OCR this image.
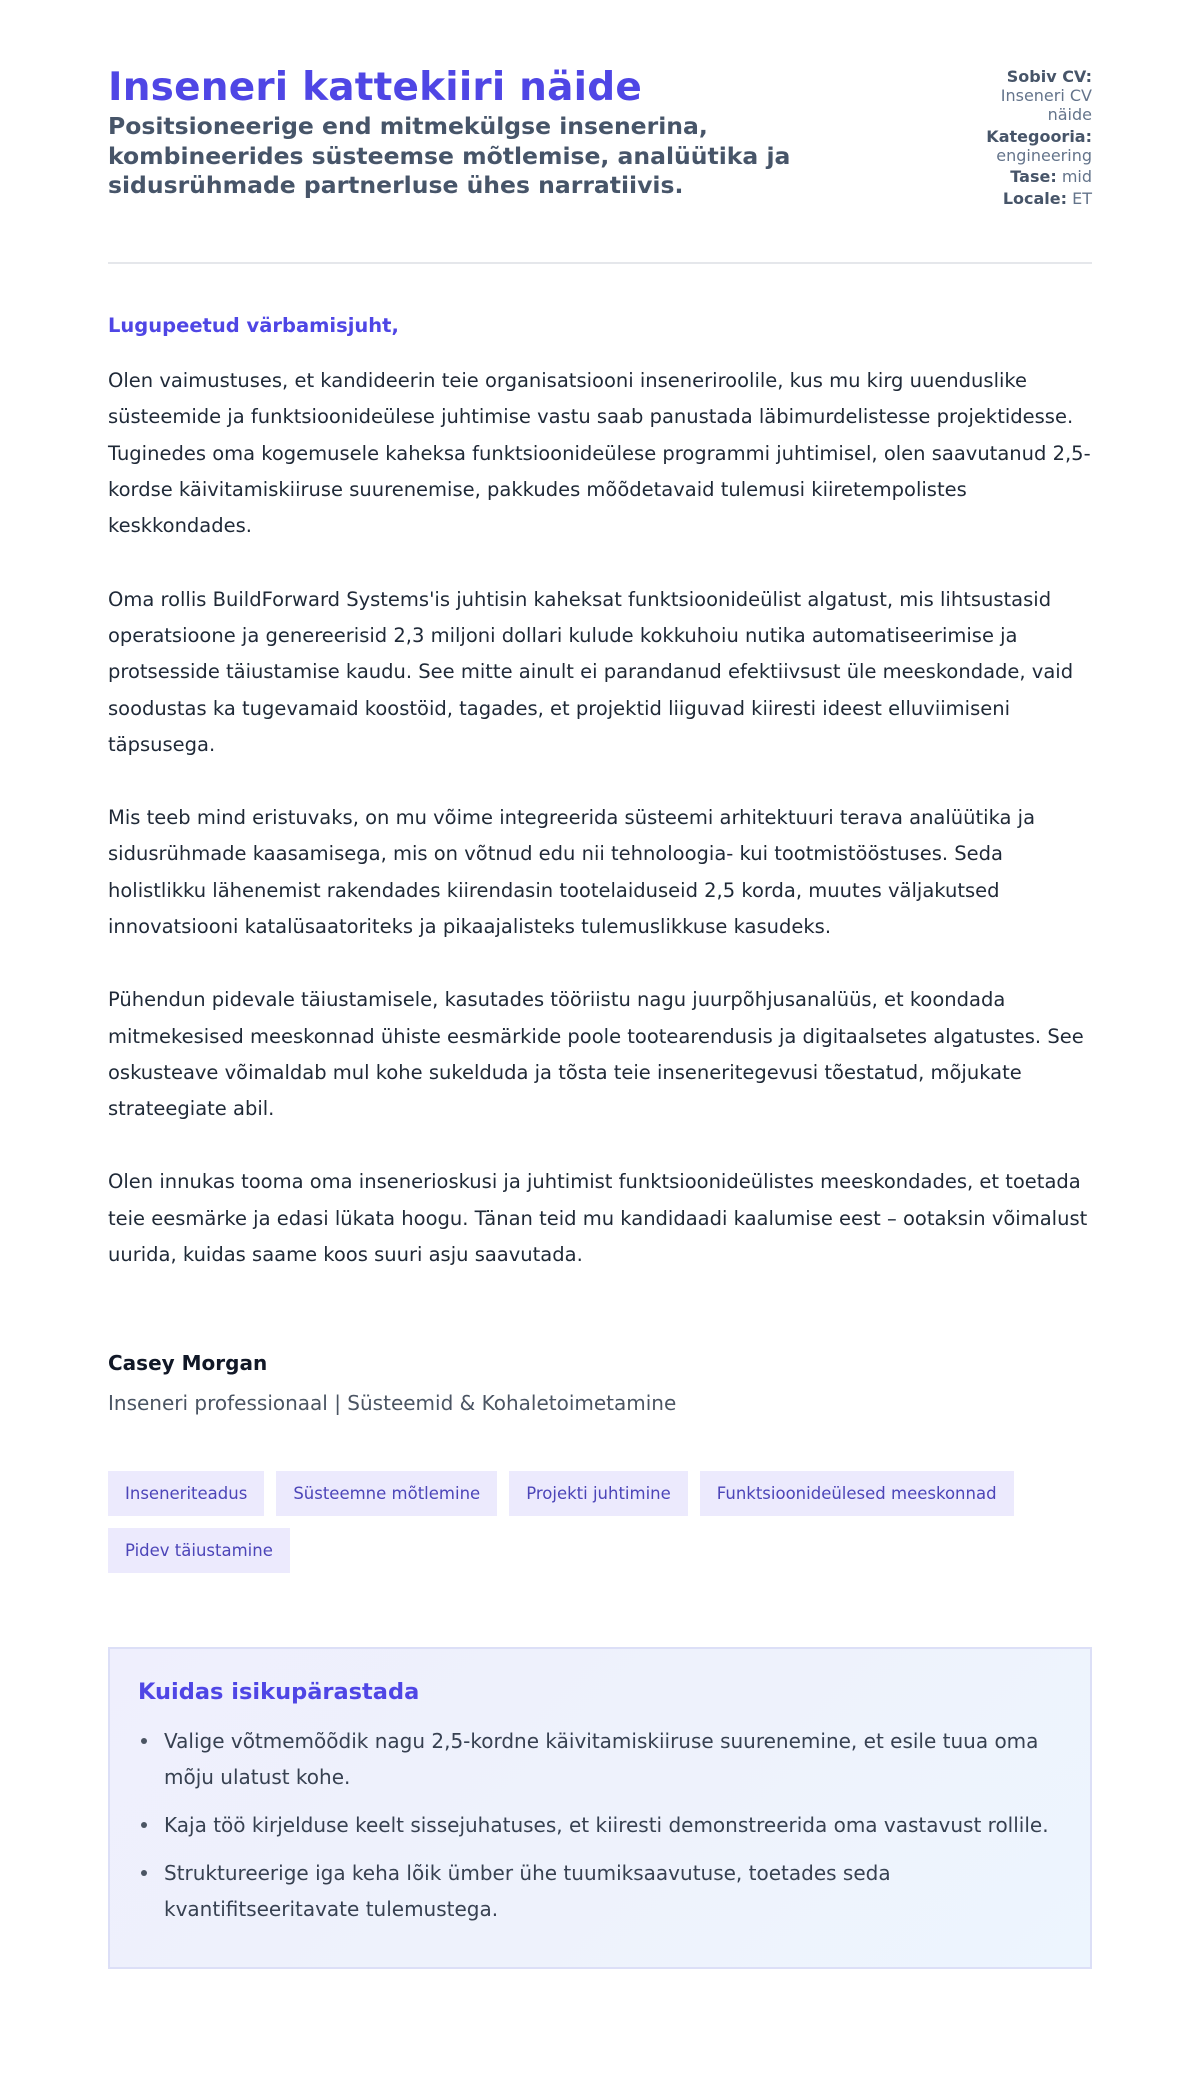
Inseneri kattekiiri näide
Positsioneerige end mitmekülgse insenerina, kombineerides süsteemse mõtlemise, analüütika ja sidusrühmade partnerluse ühes narratiivis.
Sobiv CV: Inseneri CV näide
Kategooria: engineering
Tase: mid
Locale: ET
Lugupeetud värbamisjuht,

Olen vaimustuses, et kandideerin teie organisatsiooni inseneriroolile, kus mu kirg uuenduslike süsteemide ja funktsioonideülese juhtimise vastu saab panustada läbimurdelistesse projektidesse. Tuginedes oma kogemusele kaheksa funktsioonideülese programmi juhtimisel, olen saavutanud 2,5-kordse käivitamiskiiruse suurenemise, pakkudes mõõdetavaid tulemusi kiiretempolistes keskkondades.

Oma rollis BuildForward Systems'is juhtisin kaheksat funktsioonideülist algatust, mis lihtsustasid operatsioone ja genereerisid 2,3 miljoni dollari kulude kokkuhoiu nutika automatiseerimise ja protsesside täiustamise kaudu. See mitte ainult ei parandanud efektiivsust üle meeskondade, vaid soodustas ka tugevamaid koostöid, tagades, et projektid liiguvad kiiresti ideest elluviimiseni täpsusega.

Mis teeb mind eristuvaks, on mu võime integreerida süsteemi arhitektuuri terava analüütika ja sidusrühmade kaasamisega, mis on võtnud edu nii tehnoloogia- kui tootmistööstuses. Seda holistlikku lähenemist rakendades kiirendasin tootelaiduseid 2,5 korda, muutes väljakutsed innovatsiooni katalüsaatoriteks ja pikaajalisteks tulemuslikkuse kasudeks.

Pühendun pidevale täiustamisele, kasutades tööriistu nagu juurpõhjusanalüüs, et koondada mitmekesised meeskonnad ühiste eesmärkide poole tootearendusis ja digitaalsetes algatustes. See oskusteave võimaldab mul kohe sukelduda ja tõsta teie inseneritegevusi tõestatud, mõjukate strateegiate abil.

Olen innukas tooma oma insenerioskusi ja juhtimist funktsioonideülistes meeskondades, et toetada teie eesmärke ja edasi lükata hoogu. Tänan teid mu kandidaadi kaalumise eest – ootaksin võimalust uurida, kuidas saame koos suuri asju saavutada.

Casey Morgan
Inseneri professionaal | Süsteemid & Kohaletoimetamine
Inseneriteadus	Süsteemne mõtlemine	Projekti juhtimine	Funktsioonideülesed meeskonnad
Pidev täiustamine
Kuidas isikupärastada
Valige võtmemõõdik nagu 2,5-kordne käivitamiskiiruse suurenemine, et esile tuua oma mõju ulatust kohe.
Kaja töö kirjelduse keelt sissejuhatuses, et kiiresti demonstreerida oma vastavust rollile.
Struktureerige iga keha lõik ümber ühe tuumiksaavutuse, toetades seda kvantifitseeritavate tulemustega.
